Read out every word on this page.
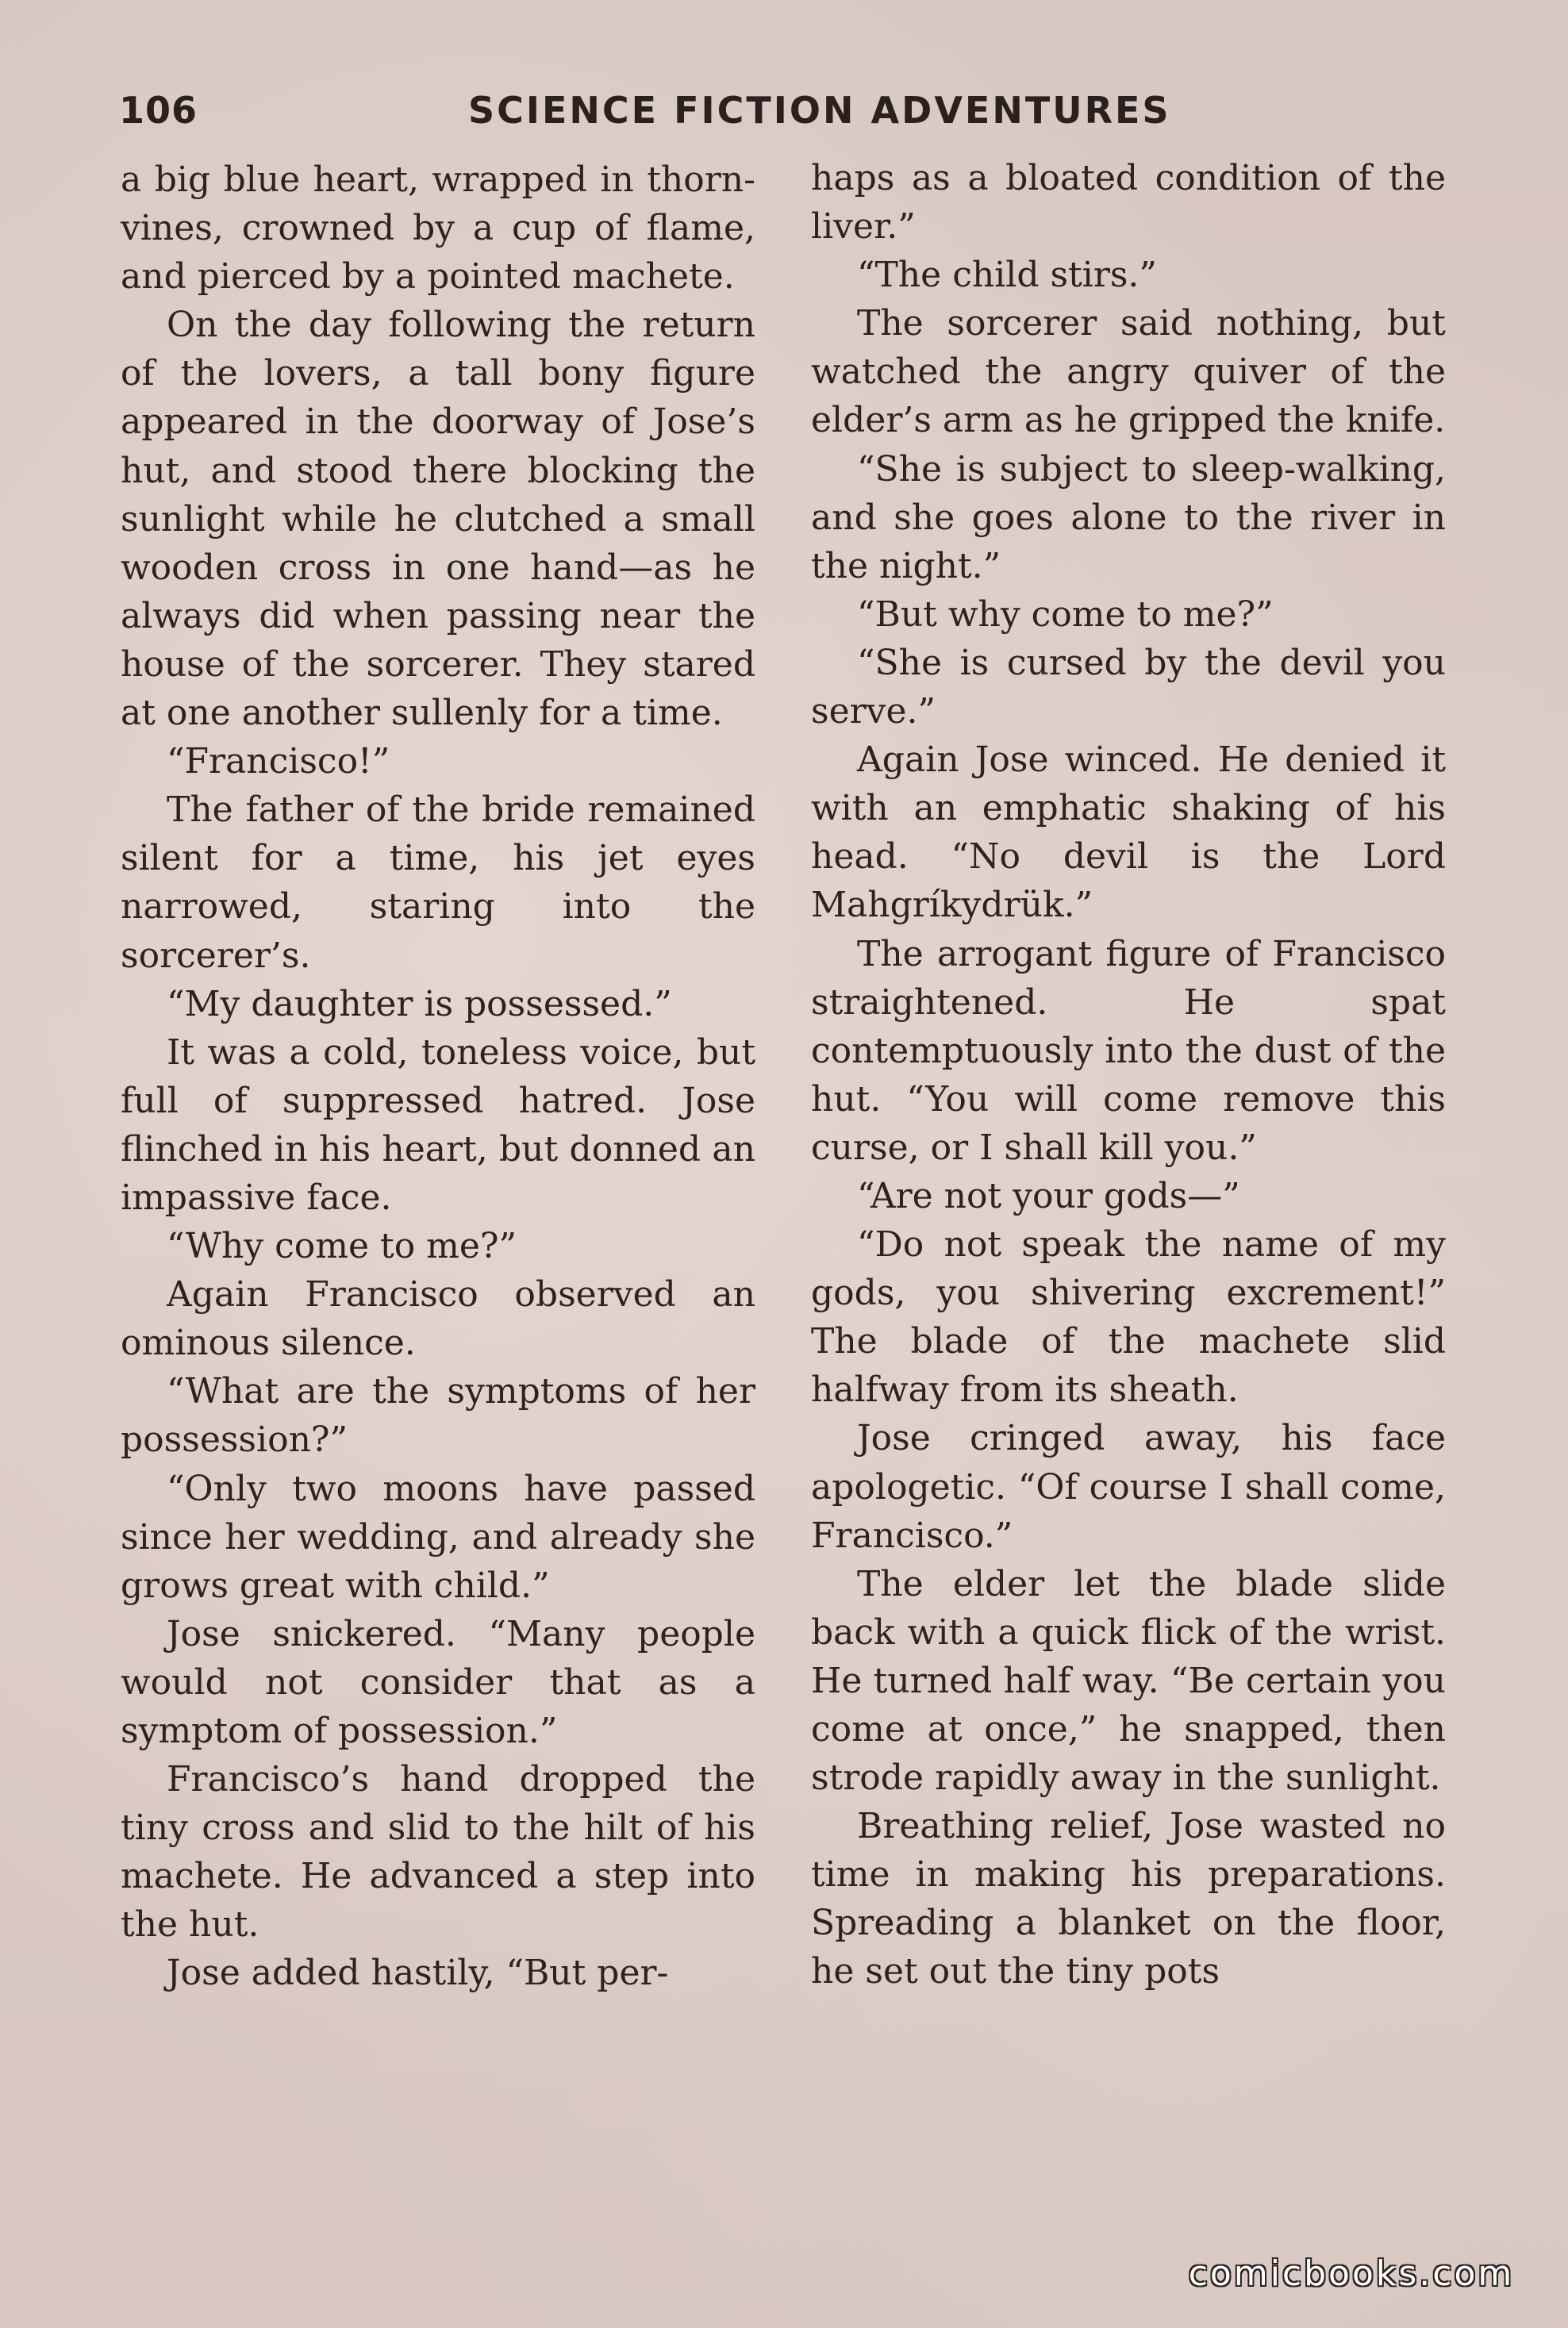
106	SCIENCE FICTION ADVENTURES

a big blue heart, wrapped in thorn-vines, crowned by a cup of flame, and pierced by a pointed machete.

On the day following the return of the lovers, a tall bony figure appeared in the doorway of Jose’s hut, and stood there blocking the sunlight while he clutched a small wooden cross in one hand—as he always did when passing near the house of the sorcerer. They stared at one another sullenly for a time.

“Francisco!”

The father of the bride remained silent for a time, his jet eyes narrowed, staring into the sorcerer’s.

“My daughter is possessed.”

It was a cold, toneless voice, but full of suppressed hatred. Jose flinched in his heart, but donned an impassive face.

“Why come to me?”

Again Francisco observed an ominous silence.

“What are the symptoms of her possession?”

“Only two moons have passed since her wedding, and already she grows great with child.”

Jose snickered. “Many people would not consider that as a symptom of possession.”

Francisco’s hand dropped the tiny cross and slid to the hilt of his machete. He advanced a step into the hut.

Jose added hastily, “But per-

haps as a bloated condition of the liver.”

“The child stirs.”

The sorcerer said nothing, but watched the angry quiver of the elder’s arm as he gripped the knife.

“She is subject to sleep-walking, and she goes alone to the river in the night.”

“But why come to me?”

“She is cursed by the devil you serve.”

Again Jose winced. He denied it with an emphatic shaking of his head. “No devil is the Lord Mahgríkydrük.”

The arrogant figure of Francisco straightened. He spat contemptuously into the dust of the hut. “You will come remove this curse, or I shall kill you.”

“Are not your gods—”

“Do not speak the name of my gods, you shivering excrement!” The blade of the machete slid halfway from its sheath.

Jose cringed away, his face apologetic. “Of course I shall come, Francisco.”

The elder let the blade slide back with a quick flick of the wrist. He turned half way. “Be certain you come at once,” he snapped, then strode rapidly away in the sunlight.

Breathing relief, Jose wasted no time in making his preparations. Spreading a blanket on the floor, he set out the tiny pots

comicbooks.com
